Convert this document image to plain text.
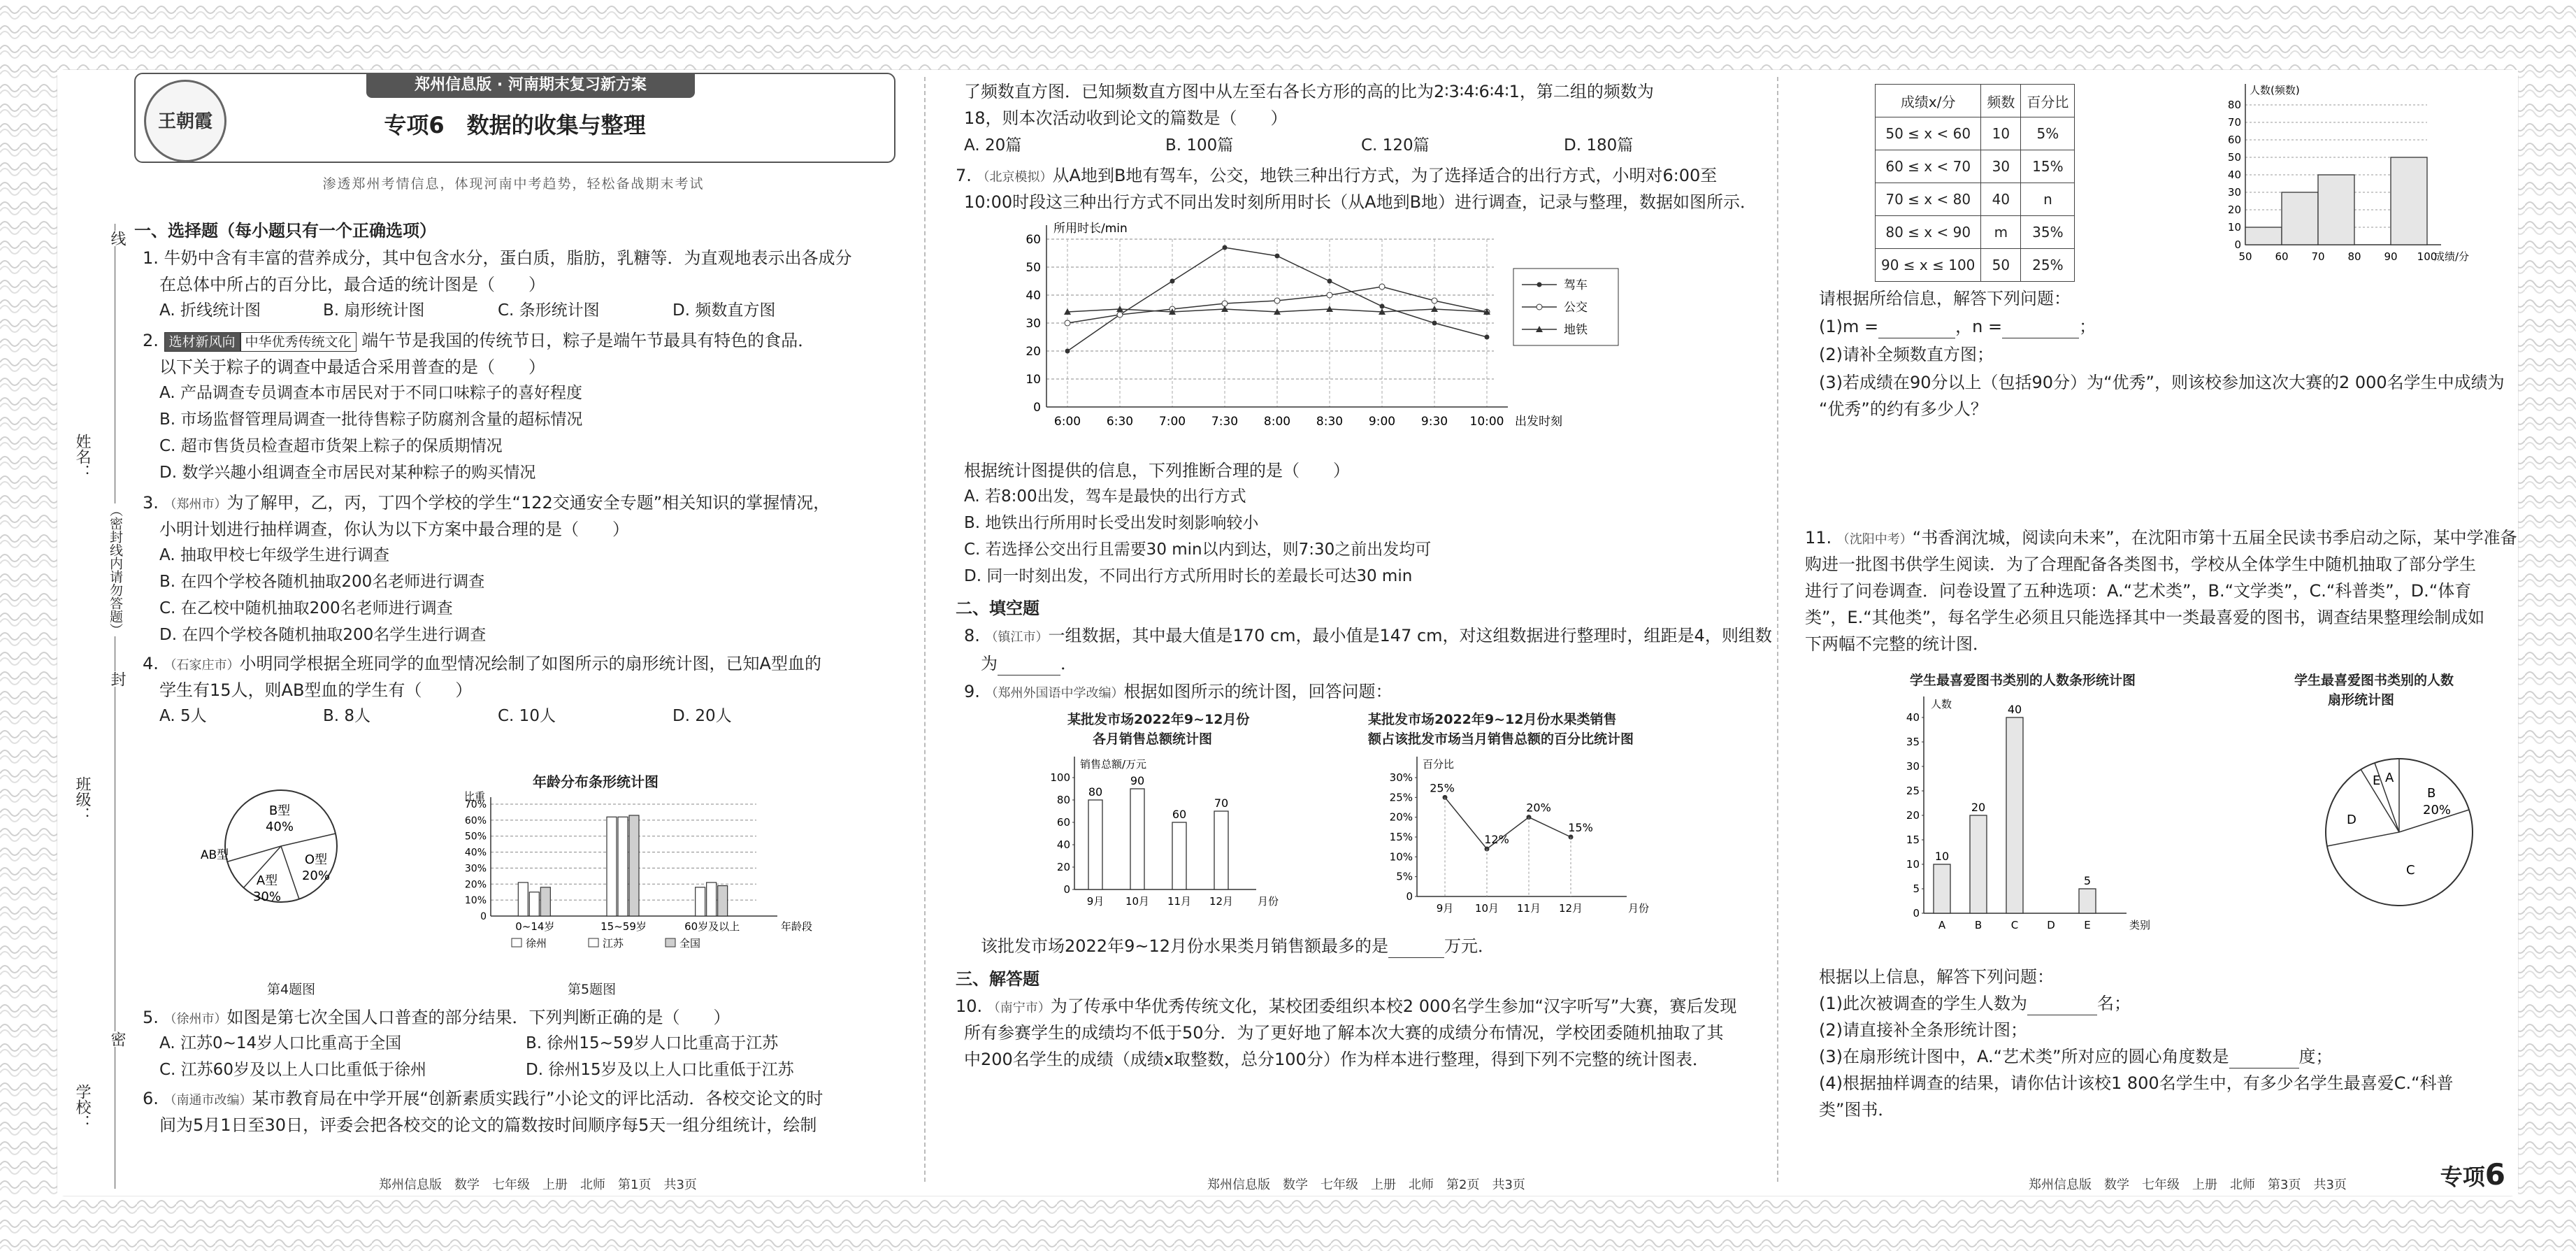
线
姓名：
（密封线内请勿答题）
封
班级：
密
学校：
郑州信息版 · 河南期末复习新方案
王朝霞	专项6　数据的收集与整理
渗透郑州考情信息，体现河南中考趋势，轻松备战期末考试
一、选择题（每小题只有一个正确选项）
1. 牛奶中含有丰富的营养成分，其中包含水分，蛋白质，脂肪，乳糖等．为直观地表示出各成分
在总体中所占的百分比，最合适的统计图是（　　）
A. 折线统计图	B. 扇形统计图	C. 条形统计图	D. 频数直方图
2. 选材新风向 中华优秀传统文化 端午节是我国的传统节日，粽子是端午节最具有特色的食品．
以下关于粽子的调查中最适合采用普查的是（　　）
A. 产品调查专员调查本市居民对于不同口味粽子的喜好程度
B. 市场监督管理局调查一批待售粽子防腐剂含量的超标情况
C. 超市售货员检查超市货架上粽子的保质期情况
D. 数学兴趣小组调查全市居民对某种粽子的购买情况
3. （郑州市）为了解甲，乙，丙，丁四个学校的学生“122交通安全专题”相关知识的掌握情况，
小明计划进行抽样调查，你认为以下方案中最合理的是（　　）
A. 抽取甲校七年级学生进行调查
B. 在四个学校各随机抽取200名老师进行调查
C. 在乙校中随机抽取200名老师进行调查
D. 在四个学校各随机抽取200名学生进行调查
4. （石家庄市）小明同学根据全班同学的血型情况绘制了如图所示的扇形统计图，已知A型血的
学生有15人，则AB型血的学生有（　　）
A. 5人	B. 8人	C. 10人	D. 20人
B型
40%
O型
20%
A型
30%
AB型
第4题图
年龄分布条形统计图
0
10%
20%
30%
40%
50%
60%
70%
比重
年龄段
0~14岁	15~59岁	60岁及以上
徐州	江苏	全国
第5题图
5. （徐州市）如图是第七次全国人口普查的部分结果．下列判断正确的是（　　）
A. 江苏0~14岁人口比重高于全国	B. 徐州15~59岁人口比重高于江苏
C. 江苏60岁及以上人口比重低于徐州	D. 徐州15岁及以上人口比重低于江苏
6. （南通市改编）某市教育局在中学开展“创新素质实践行”小论文的评比活动．各校交论文的时
间为5月1日至30日，评委会把各校交的论文的篇数按时间顺序每5天一组分组统计，绘制
郑州信息版　数学　七年级　上册　北师　第1页　共3页
了频数直方图．已知频数直方图中从左至右各长方形的高的比为2∶3∶4∶6∶4∶1，第二组的频数为
18，则本次活动收到论文的篇数是（　　）
A. 20篇	B. 100篇	C. 120篇	D. 180篇
7. （北京模拟）从A地到B地有驾车，公交，地铁三种出行方式，为了选择适合的出行方式，小明对6:00至
10:00时段这三种出行方式不同出发时刻所用时长（从A地到B地）进行调查，记录与整理，数据如图所示．
0
10
20
30
40
50
60
6:00 6:30 7:00 7:30 8:00 8:30 9:00 9:30 10:00
所用时长/min
出发时刻
驾车
公交
地铁
根据统计图提供的信息，下列推断合理的是（　　）
A. 若8:00出发，驾车是最快的出行方式
B. 地铁出行所用时长受出发时刻影响较小
C. 若选择公交出行且需要30 min以内到达，则7:30之前出发均可
D. 同一时刻出发，不同出行方式所用时长的差最长可达30 min
二、填空题
8. （镇江市）一组数据，其中最大值是170 cm，最小值是147 cm，对这组数据进行整理时，组距是4，则组数
为	．
9. （郑州外国语中学改编）根据如图所示的统计图，回答问题：
某批发市场2022年9~12月份
各月销售总额统计图
0
20
40
60
80
100
销售总额/万元
月份
80
9月
90
10月
60
11月
70
12月
某批发市场2022年9~12月份水果类销售
额占该批发市场当月销售总额的百分比统计图
0
5%
10%
15%
20%
25%
30%
百分比
月份
25%
9月
12%
10月
20%
11月
15%
12月
该批发市场2022年9~12月份水果类月销售额最多的是	万元．
三、解答题
10. （南宁市）为了传承中华优秀传统文化，某校团委组织本校2 000名学生参加“汉字听写”大赛，赛后发现
所有参赛学生的成绩均不低于50分．为了更好地了解本次大赛的成绩分布情况，学校团委随机抽取了其
中200名学生的成绩（成绩x取整数，总分100分）作为样本进行整理，得到下列不完整的统计图表．
郑州信息版　数学　七年级　上册　北师　第2页　共3页
成绩x/分	频数	百分比
50 ≤ x < 60	10	5%
60 ≤ x < 70	30	15%
70 ≤ x < 80	40	n
80 ≤ x < 90	m	35%
90 ≤ x ≤ 100	50	25%
0
10
20
30
40
50
60
70
80
人数(频数)
成绩/分
50 60 70 80 90 100
请根据所给信息，解答下列问题：
(1)m =	，n =	；
(2)请补全频数直方图；
(3)若成绩在90分以上（包括90分）为“优秀”，则该校参加这次大赛的2 000名学生中成绩为
“优秀”的约有多少人？
11. （沈阳中考）“书香润沈城，阅读向未来”，在沈阳市第十五届全民读书季启动之际，某中学准备
购进一批图书供学生阅读．为了合理配备各类图书，学校从全体学生中随机抽取了部分学生
进行了问卷调查．问卷设置了五种选项：A.“艺术类”，B.“文学类”，C.“科普类”，D.“体育
类”，E.“其他类”，每名学生必须且只能选择其中一类最喜爱的图书，调查结果整理绘制成如
下两幅不完整的统计图．
学生最喜爱图书类别的人数条形统计图
0
5
10
15
20
25
30
35
40
人数
类别
10
A
20
B
40
C	D
5
E
学生最喜爱图书类别的人数
扇形统计图
E A
B
20%
D
C
根据以上信息，解答下列问题：
(1)此次被调查的学生人数为	名；
(2)请直接补全条形统计图；
(3)在扇形统计图中，A.“艺术类”所对应的圆心角度数是	度；
(4)根据抽样调查的结果，请你估计该校1 800名学生中，有多少名学生最喜爱C.“科普
类”图书．
郑州信息版　数学　七年级　上册　北师　第3页　共3页	专项6
